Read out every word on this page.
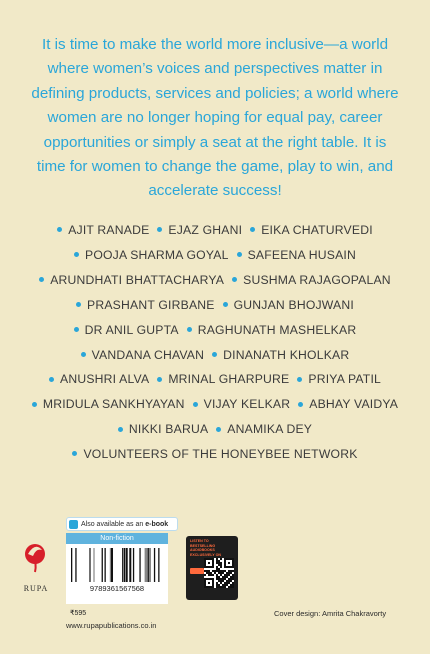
It is time to make the world more inclusive—a world where women’s voices and perspectives matter in defining products, services and policies; a world where women are no longer hoping for equal pay, career opportunities or simply a seat at the right table. It is time for women to change the game, play to win, and accelerate success!
AJIT RANADE EJAZ GHANI EIKA CHATURVEDI
POOJA SHARMA GOYAL SAFEENA HUSAIN
ARUNDHATI BHATTACHARYA SUSHMA RAJAGOPALAN
PRASHANT GIRBANE GUNJAN BHOJWANI
DR ANIL GUPTA RAGHUNATH MASHELKAR
VANDANA CHAVAN DINANATH KHOLKAR
ANUSHRI ALVA MRINAL GHARPURE PRIYA PATIL
MRIDULA SANKHYAYAN VIJAY KELKAR ABHAY VAIDYA
NIKKI BARUA ANAMIKA DEY
VOLUNTEERS OF THE HONEYBEE NETWORK
RUPA
Also available as an e-book
Non-fiction
9789361567568
₹595
LISTEN TO BESTSELLING AUDIOBOOKS EXCLUSIVELY ON
www.rupapublications.co.in
Cover design: Amrita Chakravorty
